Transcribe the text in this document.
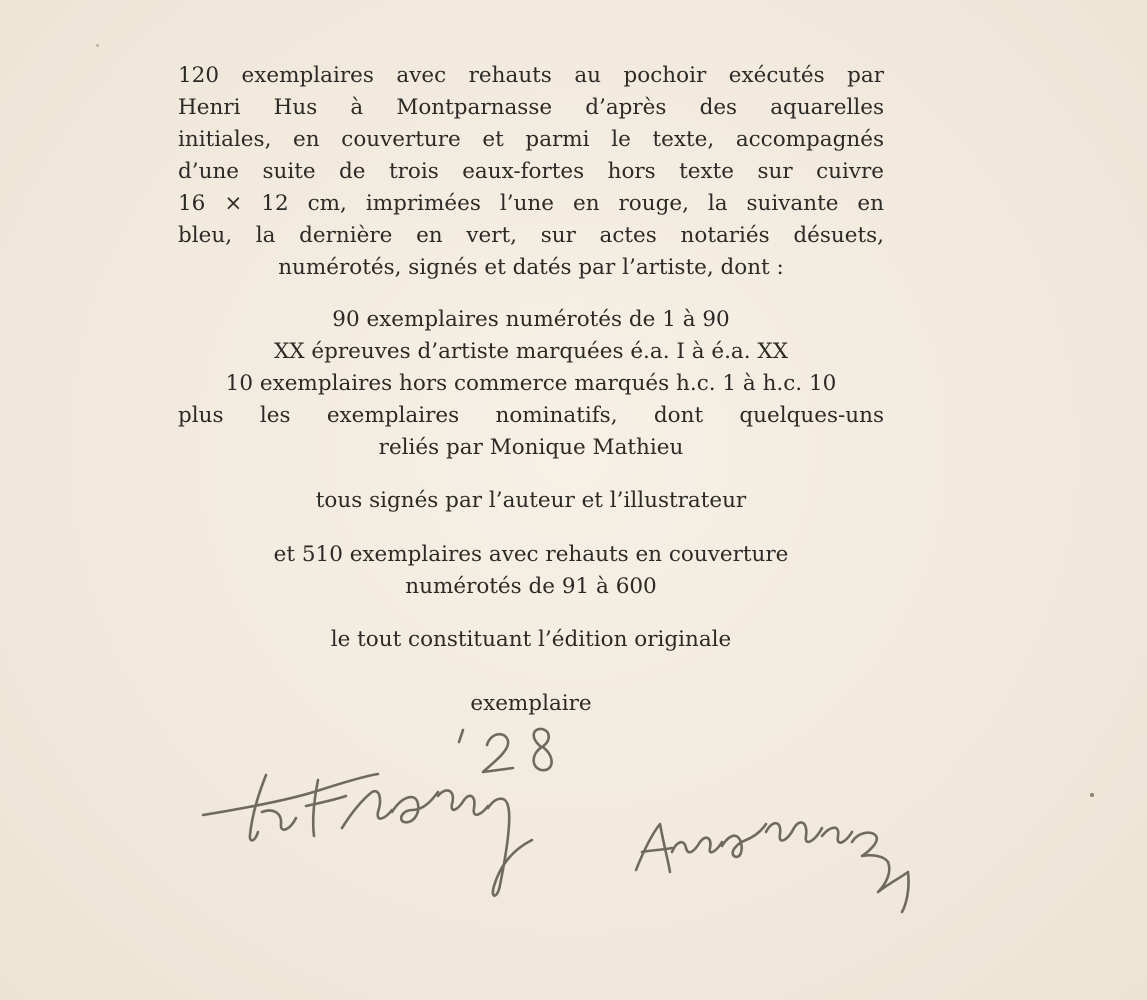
120 exemplaires avec rehauts au pochoir exécutés par

Henri Hus à Montparnasse d’après des aquarelles

initiales, en couverture et parmi le texte, accompagnés

d’une suite de trois eaux-fortes hors texte sur cuivre

16 × 12 cm, imprimées l’une en rouge, la suivante en

bleu, la dernière en vert, sur actes notariés désuets,

numérotés, signés et datés par l’artiste, dont :

90 exemplaires numérotés de 1 à 90

XX épreuves d’artiste marquées é.a. I à é.a. XX

10 exemplaires hors commerce marqués h.c. 1 à h.c. 10

plus les exemplaires nominatifs, dont quelques-uns

reliés par Monique Mathieu

tous signés par l’auteur et l’illustrateur

et 510 exemplaires avec rehauts en couverture

numérotés de 91 à 600

le tout constituant l’édition originale

exemplaire
